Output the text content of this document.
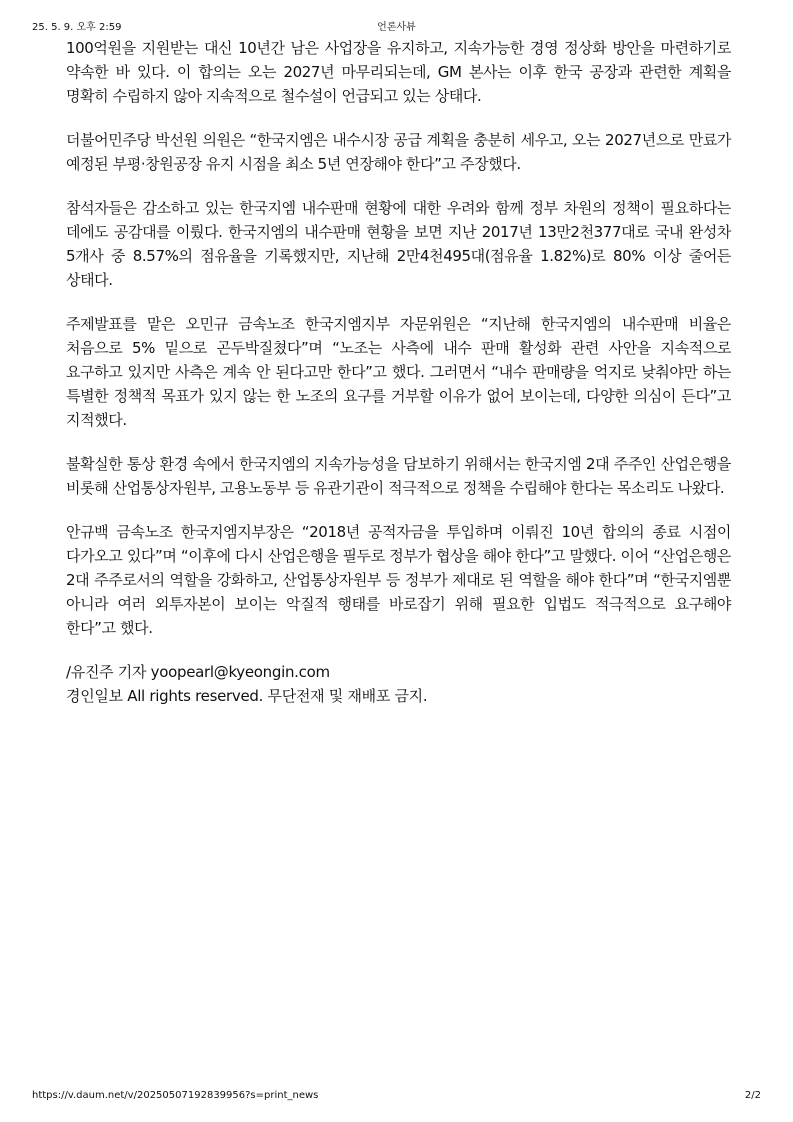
25. 5. 9. 오후 2:59	언론사뷰

100억원을 지원받는 대신 10년간 남은 사업장을 유지하고, 지속가능한 경영 정상화 방안을 마련하기로 약속한 바 있다. 이 합의는 오는 2027년 마무리되는데, GM 본사는 이후 한국 공장과 관련한 계획을 명확히 수립하지 않아 지속적으로 철수설이 언급되고 있는 상태다.

더불어민주당 박선원 의원은 “한국지엠은 내수시장 공급 계획을 충분히 세우고, 오는 2027년으로 만료가 예정된 부평·창원공장 유지 시점을 최소 5년 연장해야 한다”고 주장했다.

참석자들은 감소하고 있는 한국지엠 내수판매 현황에 대한 우려와 함께 정부 차원의 정책이 필요하다는 데에도 공감대를 이뤘다. 한국지엠의 내수판매 현황을 보면 지난 2017년 13만2천377대로 국내 완성차 5개사 중 8.57%의 점유율을 기록했지만, 지난해 2만4천495대(점유율 1.82%)로 80% 이상 줄어든 상태다.

주제발표를 맡은 오민규 금속노조 한국지엠지부 자문위원은 “지난해 한국지엠의 내수판매 비율은 처음으로 5% 밑으로 곤두박질쳤다”며 “노조는 사측에 내수 판매 활성화 관련 사안을 지속적으로 요구하고 있지만 사측은 계속 안 된다고만 한다”고 했다. 그러면서 “내수 판매량을 억지로 낮춰야만 하는 특별한 정책적 목표가 있지 않는 한 노조의 요구를 거부할 이유가 없어 보이는데, 다양한 의심이 든다”고 지적했다.

불확실한 통상 환경 속에서 한국지엠의 지속가능성을 담보하기 위해서는 한국지엠 2대 주주인 산업은행을 비롯해 산업통상자원부, 고용노동부 등 유관기관이 적극적으로 정책을 수립해야 한다는 목소리도 나왔다.

안규백 금속노조 한국지엠지부장은 “2018년 공적자금을 투입하며 이뤄진 10년 합의의 종료 시점이 다가오고 있다”며 “이후에 다시 산업은행을 필두로 정부가 협상을 해야 한다”고 말했다. 이어 “산업은행은 2대 주주로서의 역할을 강화하고, 산업통상자원부 등 정부가 제대로 된 역할을 해야 한다”며 “한국지엠뿐 아니라 여러 외투자본이 보이는 악질적 행태를 바로잡기 위해 필요한 입법도 적극적으로 요구해야 한다”고 했다.

/유진주 기자 yoopearl@kyeongin.com
경인일보 All rights reserved. 무단전재 및 재배포 금지.
https://v.daum.net/v/20250507192839956?s=print_news	2/2
